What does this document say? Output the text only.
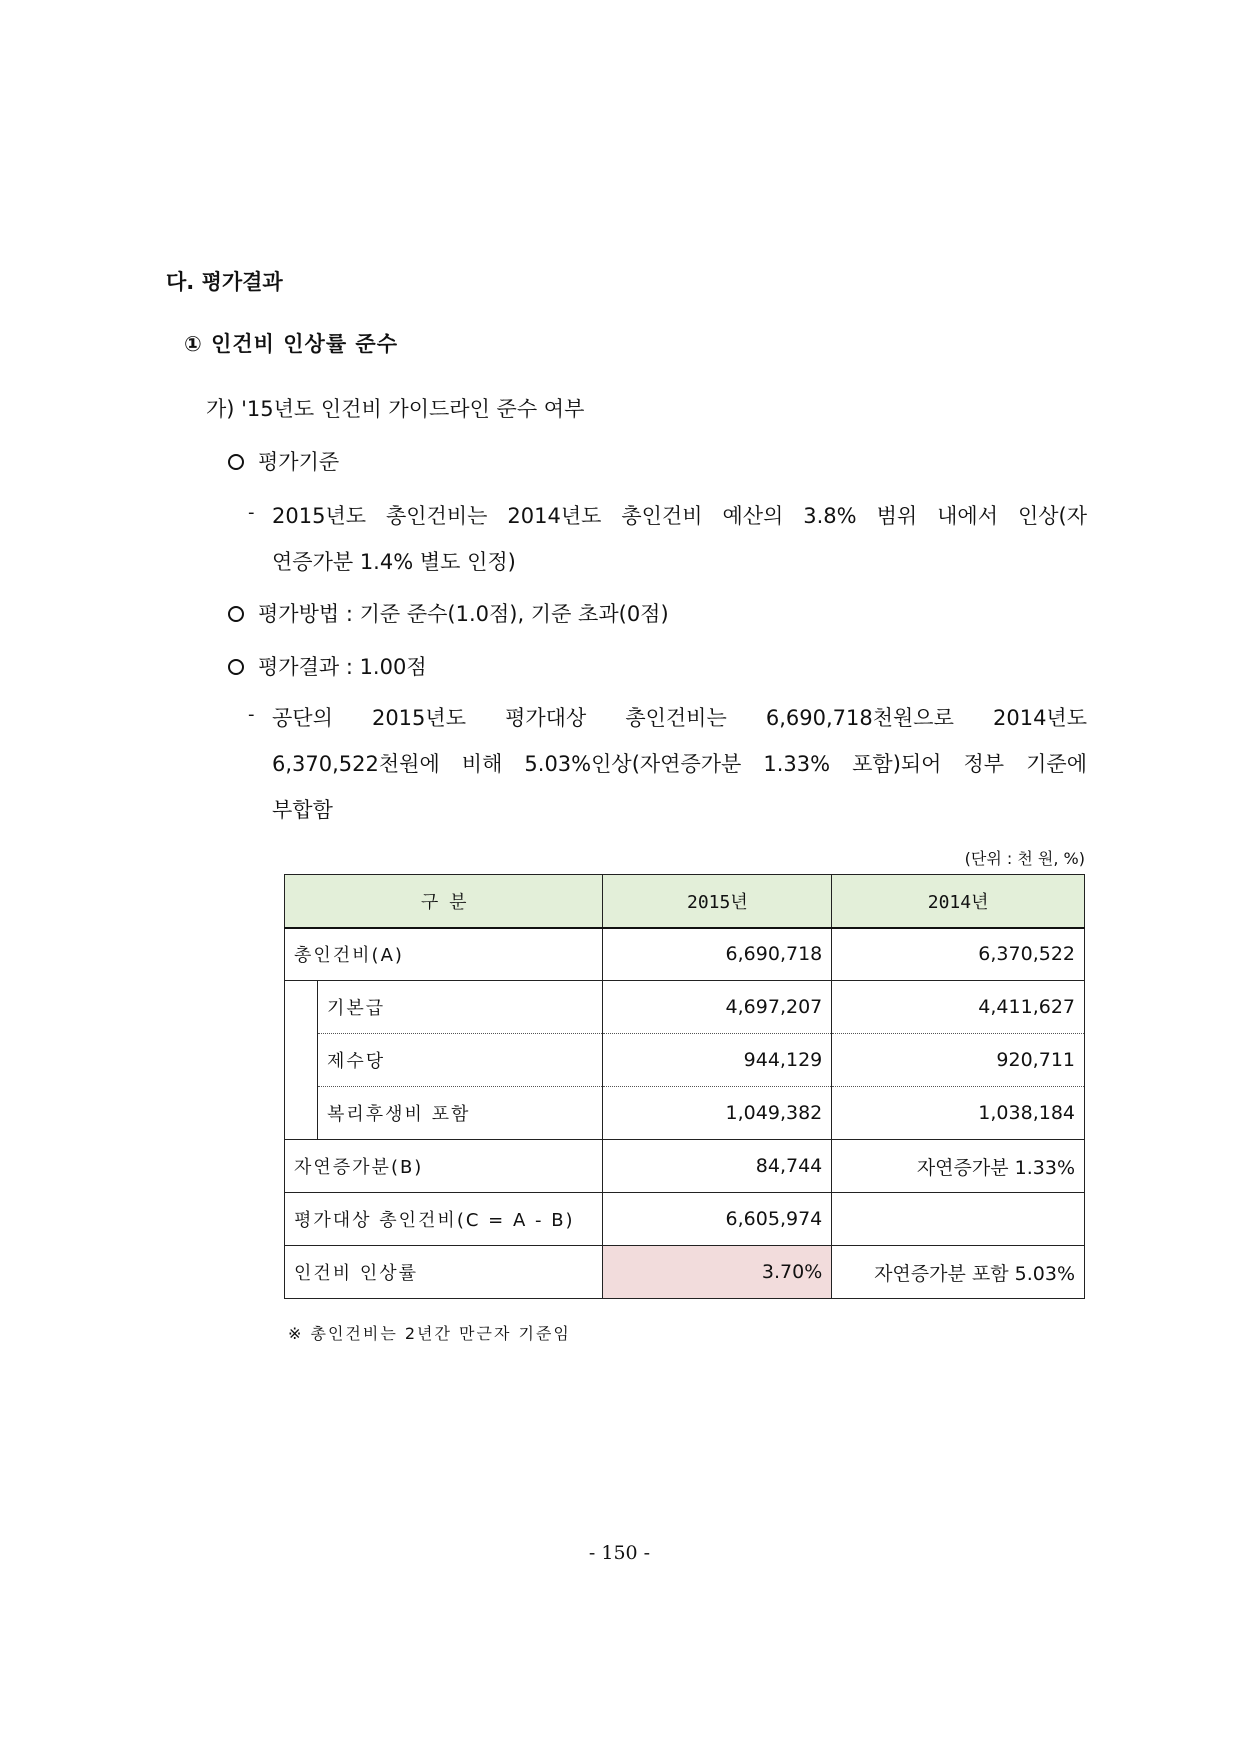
다. 평가결과
① 인건비 인상률 준수
가) '15년도 인건비 가이드라인 준수 여부
평가기준
- 2015년도 총인건비는 2014년도 총인건비 예산의 3.8% 범위 내에서 인상(자
연증가분 1.4% 별도 인정)
평가방법 : 기준 준수(1.0점), 기준 초과(0점)
평가결과 : 1.00점
- 공단의 2015년도 평가대상 총인건비는 6,690,718천원으로 2014년도
6,370,522천원에 비해 5.03%인상(자연증가분 1.33% 포함)되어 정부 기준에
부합함
(단위 : 천 원, %)
구 분		2015년	2014년
총인건비(A)		6,690,718	6,370,522
	기본급	4,697,207	4,411,627
	제수당	944,129	920,711
	복리후생비 포함	1,049,382	1,038,184
자연증가분(B)		84,744	자연증가분 1.33%
평가대상 총인건비(C = A - B)		6,605,974	
인건비 인상률		3.70%	자연증가분 포함 5.03%
※ 총인건비는 2년간 만근자 기준임
- 150 -
